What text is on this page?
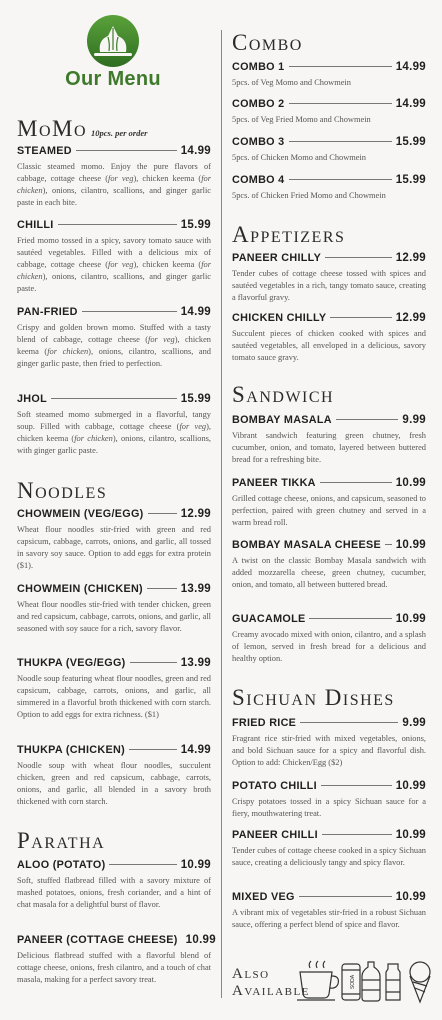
Our Menu
MoMo 10pcs. per order
STEAMED	14.99
Classic steamed momo. Enjoy the pure flavors of cabbage, cottage cheese (for veg), chicken keema (for chicken), onions, cilantro, scallions, and ginger garlic paste in each bite.
CHILLI	15.99
Fried momo tossed in a spicy, savory tomato sauce with sautéed vegetables. Filled with a delicious mix of cabbage, cottage cheese (for veg), chicken keema (for chicken), onions, cilantro, scallions, and ginger garlic paste.
PAN-FRIED	14.99
Crispy and golden brown momo. Stuffed with a tasty blend of cabbage, cottage cheese (for veg), chicken keema (for chicken), onions, cilantro, scallions, and ginger garlic paste, then fried to perfection.
JHOL	15.99
Soft steamed momo submerged in a flavorful, tangy soup. Filled with cabbage, cottage cheese (for veg), chicken keema (for chicken), onions, cilantro, scallions, with ginger garlic paste.
Noodles
CHOWMEIN (VEG/EGG)	12.99
Wheat flour noodles stir-fried with green and red capsicum, cabbage, carrots, onions, and garlic, all tossed in savory soy sauce. Option to add eggs for extra protein ($1).
CHOWMEIN (CHICKEN)	13.99
Wheat flour noodles stir-fried with tender chicken, green and red capsicum, cabbage, carrots, onions, and garlic, all seasoned with soy sauce for a rich, savory flavor.
THUKPA (VEG/EGG)	13.99
Noodle soup featuring wheat flour noodles, green and red capsicum, cabbage, carrots, onions, and garlic, all simmered in a flavorful broth thickened with corn starch. Option to add eggs for extra richness. ($1)
THUKPA (CHICKEN)	14.99
Noodle soup with wheat flour noodles, succulent chicken, green and red capsicum, cabbage, carrots, onions, and garlic, all blended in a savory broth thickened with corn starch.
Paratha
ALOO (POTATO)	10.99
Soft, stuffed flatbread filled with a savory mixture of mashed potatoes, onions, fresh coriander, and a hint of chat masala for a delightful burst of flavor.
PANEER (COTTAGE CHEESE) 10.99
Delicious flatbread stuffed with a flavorful blend of cottage cheese, onions, fresh cilantro, and a touch of chat masala, making for a perfect savory treat.
Combo
COMBO 1	14.99
5pcs. of Veg Momo and Chowmein
COMBO 2	14.99
5pcs. of Veg Fried Momo and Chowmein
COMBO 3	15.99
5pcs. of Chicken Momo and Chowmein
COMBO 4	15.99
5pcs. of Chicken Fried Momo and Chowmein
Appetizers
PANEER CHILLY	12.99
Tender cubes of cottage cheese tossed with spices and sautéed vegetables in a rich, tangy tomato sauce, creating a flavorful gravy.
CHICKEN CHILLY	12.99
Succulent pieces of chicken cooked with spices and sautéed vegetables, all enveloped in a delicious, savory tomato sauce gravy.
Sandwich
BOMBAY MASALA	9.99
Vibrant sandwich featuring green chutney, fresh cucumber, onion, and tomato, layered between buttered bread for a refreshing bite.
PANEER TIKKA	10.99
Grilled cottage cheese, onions, and capsicum, seasoned to perfection, paired with green chutney and served in a warm bread roll.
BOMBAY MASALA CHEESE 10.99
A twist on the classic Bombay Masala sandwich with added mozzarella cheese, green chutney, cucumber, onion, and tomato, all between buttered bread.
GUACAMOLE	10.99
Creamy avocado mixed with onion, cilantro, and a splash of lemon, served in fresh bread for a delicious and healthy option.
Sichuan Dishes
FRIED RICE	9.99
Fragrant rice stir-fried with mixed vegetables, onions, and bold Sichuan sauce for a spicy and flavorful dish. Option to add: Chicken/Egg ($2)
POTATO CHILLI	10.99
Crispy potatoes tossed in a spicy Sichuan sauce for a fiery, mouthwatering treat.
PANEER CHILLI	10.99
Tender cubes of cottage cheese cooked in a spicy Sichuan sauce, creating a deliciously tangy and spicy flavor.
MIXED VEG	10.99
A vibrant mix of vegetables stir-fried in a robust Sichuan sauce, offering a perfect blend of spice and flavor.
Also
Available
SODA
